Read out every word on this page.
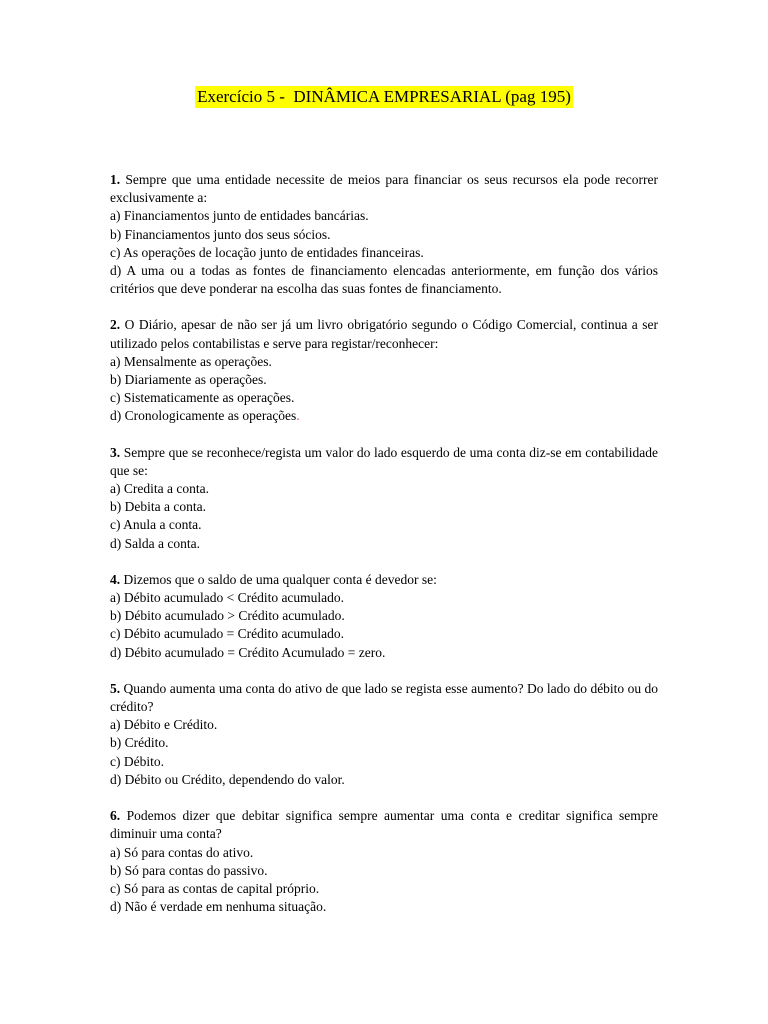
Exercício 5 -  DINÂMICA EMPRESARIAL (pag 195)

1. Sempre que uma entidade necessite de meios para financiar os seus recursos ela pode recorrer exclusivamente a:

a) Financiamentos junto de entidades bancárias.

b) Financiamentos junto dos seus sócios.

c) As operações de locação junto de entidades financeiras.

d) A uma ou a todas as fontes de financiamento elencadas anteriormente, em função dos vários critérios que deve ponderar na escolha das suas fontes de financiamento.

2. O Diário, apesar de não ser já um livro obrigatório segundo o Código Comercial, continua a ser utilizado pelos contabilistas e serve para registar/reconhecer:

a) Mensalmente as operações.

b) Diariamente as operações.

c) Sistematicamente as operações.

d) Cronologicamente as operações.

3. Sempre que se reconhece/regista um valor do lado esquerdo de uma conta diz-se em contabilidade que se:

a) Credita a conta.

b) Debita a conta.

c) Anula a conta.

d) Salda a conta.

4. Dizemos que o saldo de uma qualquer conta é devedor se:

a) Débito acumulado < Crédito acumulado.

b) Débito acumulado > Crédito acumulado.

c) Débito acumulado = Crédito acumulado.

d) Débito acumulado = Crédito Acumulado = zero.

5. Quando aumenta uma conta do ativo de que lado se regista esse aumento? Do lado do débito ou do crédito?

a) Débito e Crédito.

b) Crédito.

c) Débito.

d) Débito ou Crédito, dependendo do valor.

6. Podemos dizer que debitar significa sempre aumentar uma conta e creditar significa sempre diminuir uma conta?

a) Só para contas do ativo.

b) Só para contas do passivo.

c) Só para as contas de capital próprio.

d) Não é verdade em nenhuma situação.
